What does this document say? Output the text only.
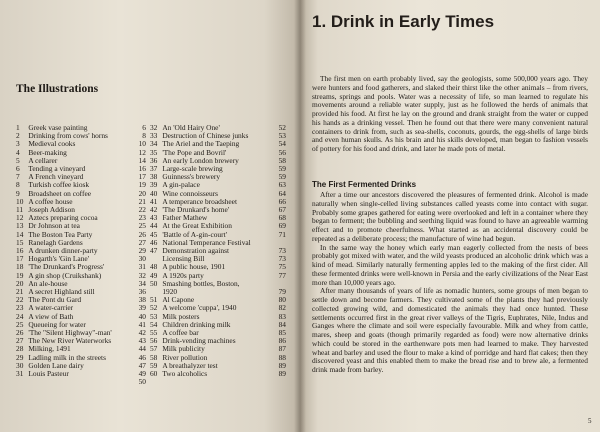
The Illustrations
1	Greek vase painting	6	32	An 'Old Hairy One'	52
2	Drinking from cows' horns	8	33	Destruction of Chinese junks	53
3	Medieval cooks	10	34	The Ariel and the Taeping	54
4	Beer-making	12	35	'The Pope and Bovril'	56
5	A cellarer	14	36	An early London brewery	58
6	Tending a vineyard	16	37	Large-scale brewing	59
7	A French vineyard	17	38	Guinness's brewery	59
8	Turkish coffee kiosk	19	39	A gin-palace	63
9	Broadsheet on coffee	20	40	Wine connoisseurs	64
10	A coffee house	21	41	A temperance broadsheet	66
11	Joseph Addison	22	42	'The Drunkard's home'	67
12	Aztecs preparing cocoa	23	43	Father Mathew	68
13	Dr Johnson at tea	25	44	At the Great Exhibition	69
14	The Boston Tea Party	26	45	'Battle of A-gin-court'	71
15	Ranelagh Gardens	27	46	National Temperance Festival	
16	A drunken dinner-party	29	47	Demonstration against	73
17	Hogarth's 'Gin Lane'	30		Licensing Bill	73
18	'The Drunkard's Progress'	31	48	A public house, 1901	75
19	A gin shop (Cruikshank)	32	49	A 1920s party	77
20	An ale-house	34	50	Smashing bottles, Boston,	
21	A secret Highland still	36		1920	79
22	The Pont du Gard	38	51	Al Capone	80
23	A water-carrier	39	52	A welcome 'cuppa', 1940	82
24	A view of Bath	40	53	Milk posters	83
25	Queueing for water	41	54	Children drinking milk	84
26	'The "Silent Highway"-man'	42	55	A coffee bar	85
27	The New River Waterworks	43	56	Drink-vending machines	86
28	Milking, 1491	44	57	Milk publicity	87
29	Ladling milk in the streets	46	58	River pollution	88
30	Golden Lane dairy	47	59	A breathalyzer test	89
31	Louis Pasteur	49	60	Two alcoholics	89
		50			
1. Drink in Early Times

The first men on earth probably lived, say the geologists, some 500,000 years ago. They were hunters and food gatherers, and slaked their thirst like the other animals – from rivers, streams, springs and pools. Water was a necessity of life, so man learned to regulate his movements around a reliable water supply, just as he followed the herds of animals that provided his food. At first he lay on the ground and drank straight from the water or cupped his hands as a drinking vessel. Then he found out that there were many convenient natural containers to drink from, such as sea-shells, coconuts, gourds, the egg-shells of large birds and even human skulls. As his brain and his skills developed, man began to fashion vessels of pottery for his food and drink, and later he made pots of metal.

The First Fermented Drinks

After a time our ancestors discovered the pleasures of fermented drink. Alcohol is made naturally when single-celled living substances called yeasts come into contact with sugar. Probably some grapes gathered for eating were overlooked and left in a container where they began to ferment; the bubbling and seething liquid was found to have an agreeable warming effect and to promote cheerfulness. What started as an accidental discovery could be repeated as a deliberate process; the manufacture of wine had begun.

In the same way the honey which early man eagerly collected from the nests of bees probably got mixed with water, and the wild yeasts produced an alcoholic drink which was a kind of mead. Similarly naturally fermenting apples led to the making of the first cider. All these fermented drinks were well-known in Persia and the early civilizations of the Near East more than 10,000 years ago.

After many thousands of years of life as nomadic hunters, some groups of men began to settle down and become farmers. They cultivated some of the plants they had previously collected growing wild, and domesticated the animals they had once hunted. These settlements occurred first in the great river valleys of the Tigris, Euphrates, Nile, Indus and Ganges where the climate and soil were especially favourable. Milk and whey from cattle, mares, sheep and goats (though primarily regarded as food) were now alternative drinks which could be stored in the earthenware pots men had learned to make. They harvested wheat and barley and used the flour to make a kind of porridge and hard flat cakes; then they discovered yeast and this enabled them to make the bread rise and to brew ale, a fermented drink made from barley.

5
